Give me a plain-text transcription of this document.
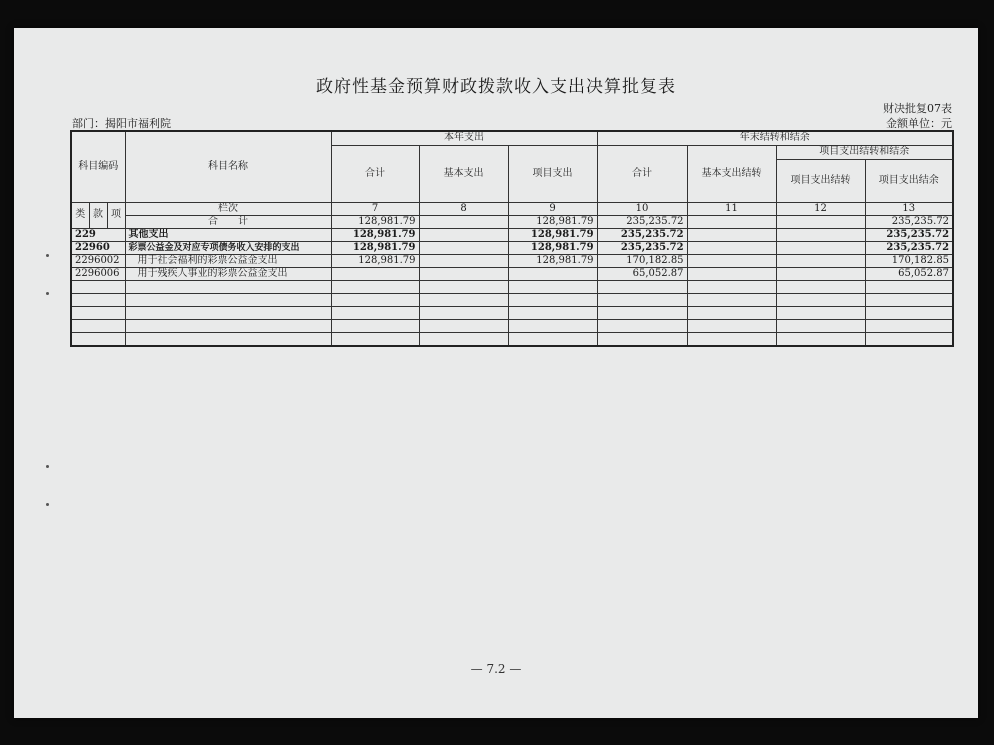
政府性基金预算财政拨款收入支出决算批复表
财决批复07表
金额单位：元
部门：揭阳市福利院
科目编码			科目名称	本年支出			年末结转和结余			
				合计	基本支出	项目支出	合计	基本支出结转	项目支出结转和结余	
									项目支出结转	项目支出结余
类	款	项	栏次	7	8	9	10	11	12	13
			合　　计	128,981.79		128,981.79	235,235.72			235,235.72
229			其他支出	128,981.79		128,981.79	235,235.72			235,235.72
22960			彩票公益金及对应专项债务收入安排的支出	128,981.79		128,981.79	235,235.72			235,235.72
2296002			用于社会福利的彩票公益金支出	128,981.79		128,981.79	170,182.85			170,182.85
2296006			用于残疾人事业的彩票公益金支出				65,052.87			65,052.87

— 7.2 —
